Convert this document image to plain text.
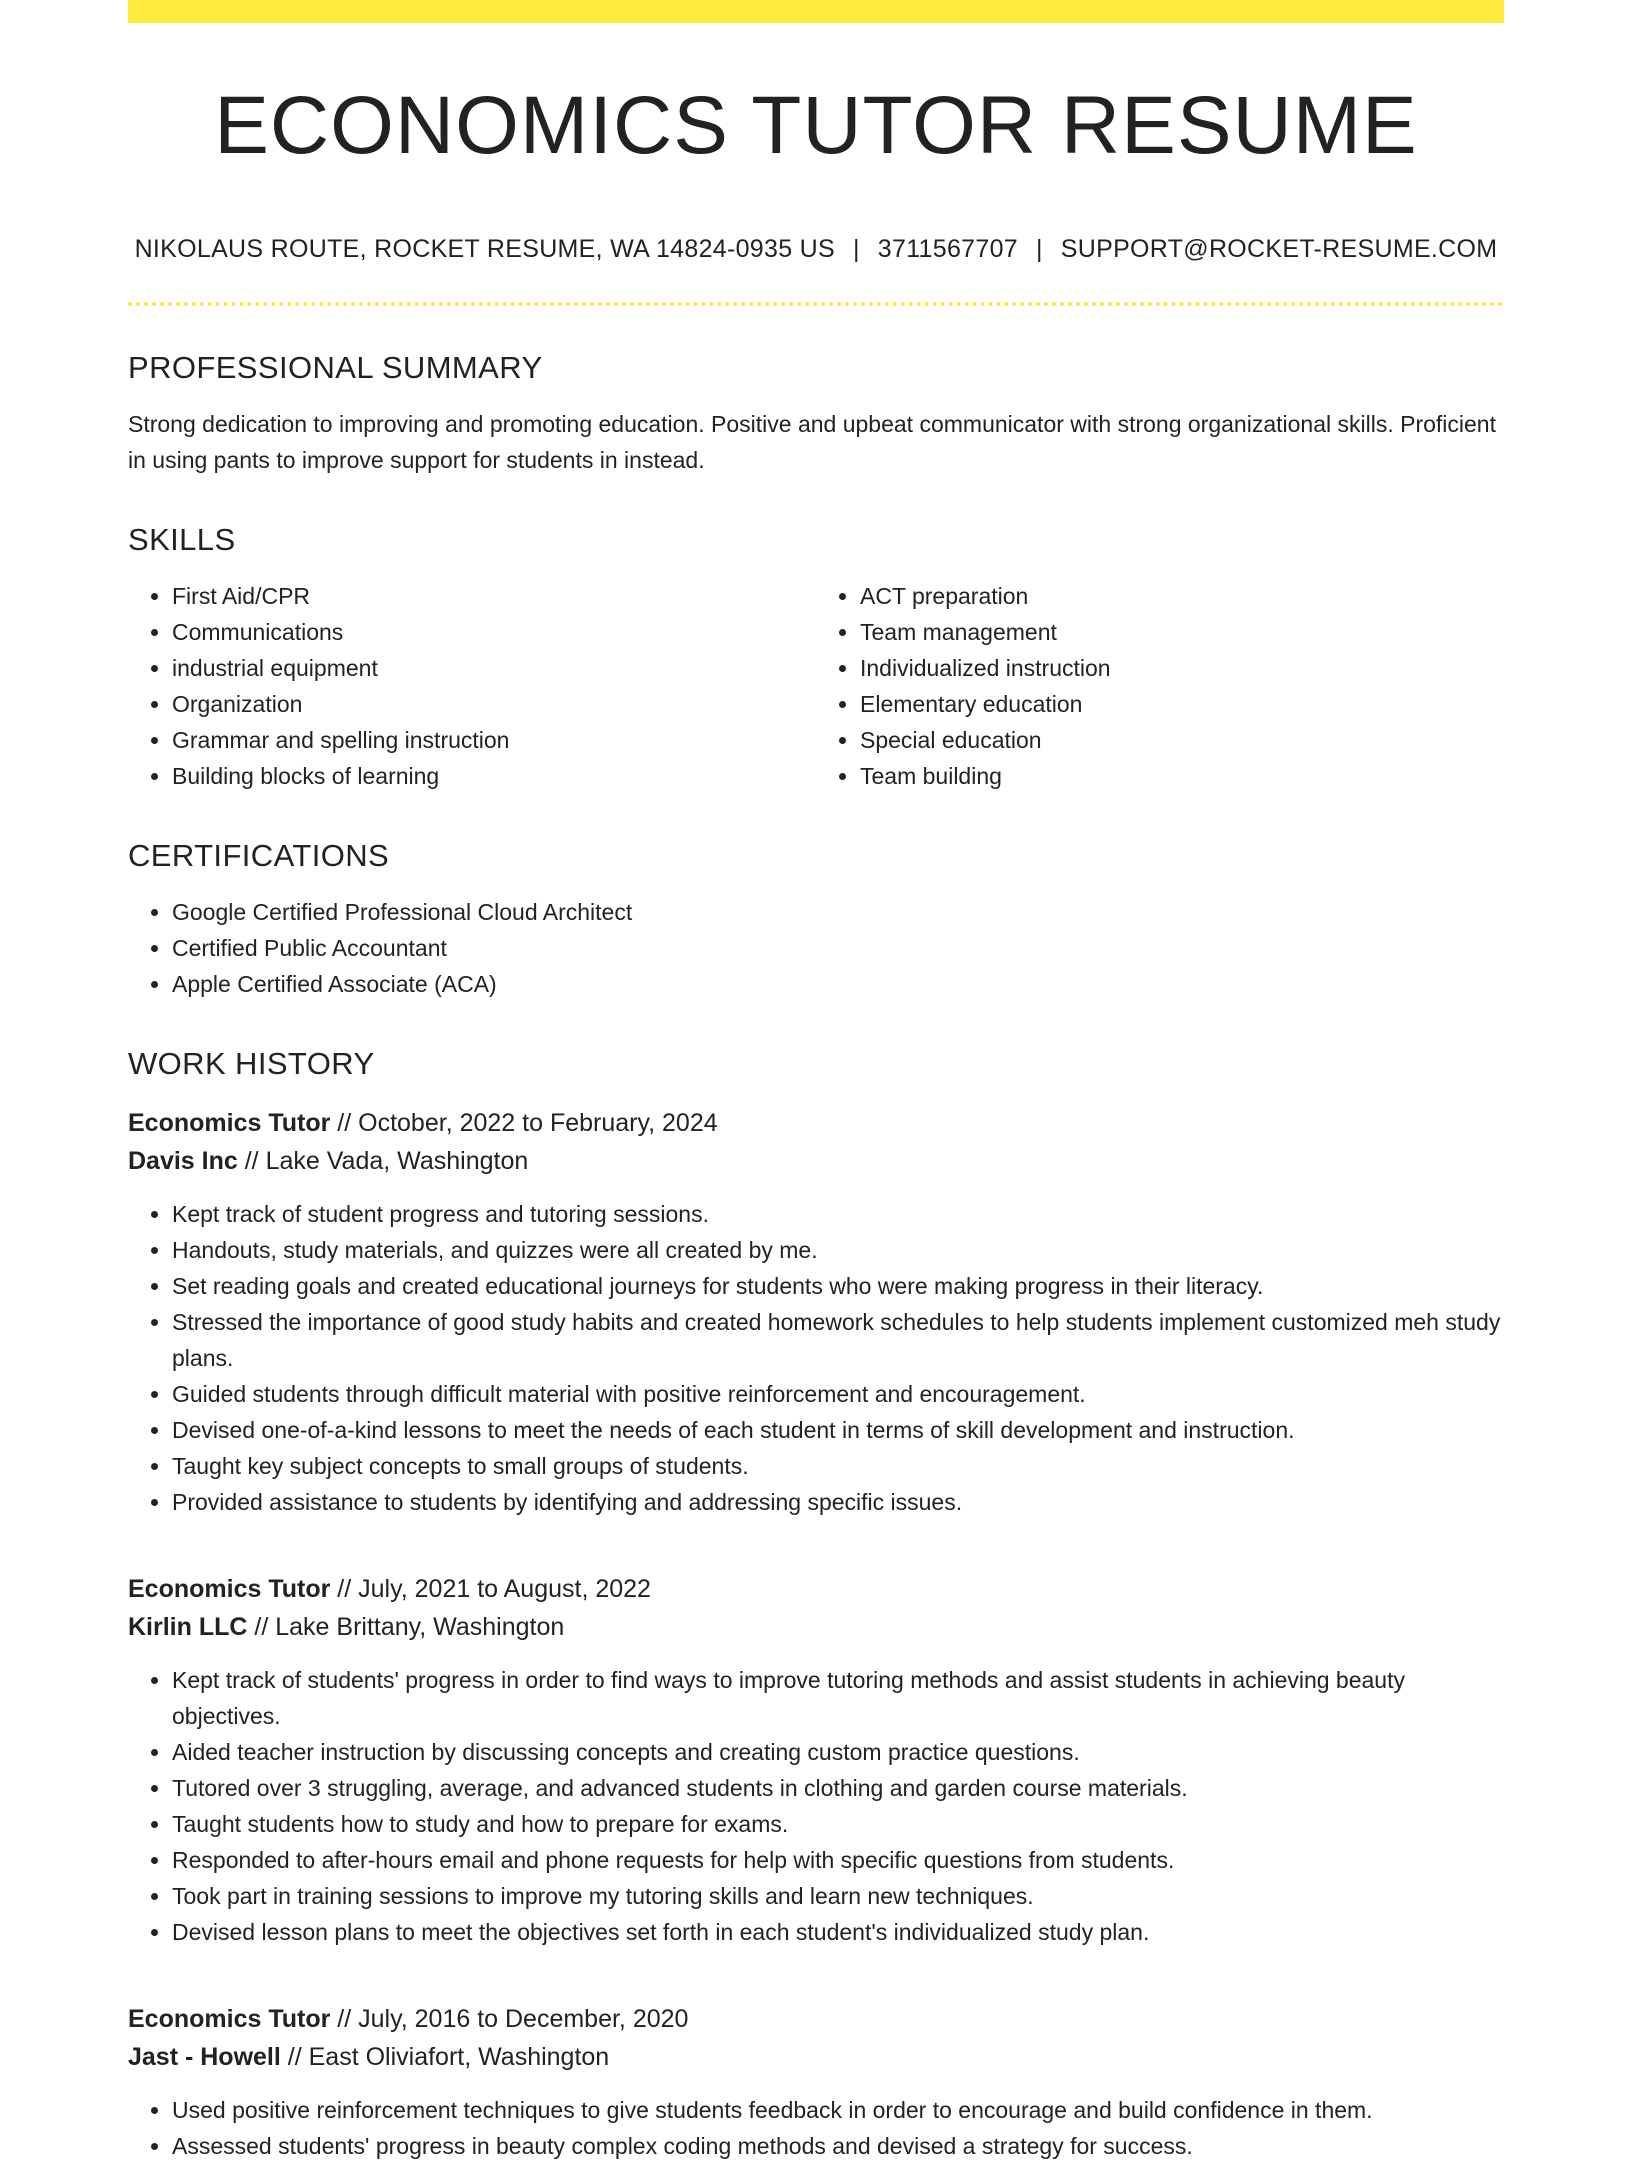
ECONOMICS TUTOR RESUME
NIKOLAUS ROUTE, ROCKET RESUME, WA 14824-0935 US | 3711567707 | SUPPORT@ROCKET-RESUME.COM
PROFESSIONAL SUMMARY

Strong dedication to improving and promoting education. Positive and upbeat communicator with strong organizational skills. Proficient in using pants to improve support for students in instead.

SKILLS
• First Aid/CPR
• Communications
• industrial equipment
• Organization
• Grammar and spelling instruction
• Building blocks of learning
• ACT preparation
• Team management
• Individualized instruction
• Elementary education
• Special education
• Team building
CERTIFICATIONS
• Google Certified Professional Cloud Architect
• Certified Public Accountant
• Apple Certified Associate (ACA)
WORK HISTORY
Economics Tutor // October, 2022 to February, 2024
Davis Inc // Lake Vada, Washington
• Kept track of student progress and tutoring sessions.
• Handouts, study materials, and quizzes were all created by me.
• Set reading goals and created educational journeys for students who were making progress in their literacy.
• Stressed the importance of good study habits and created homework schedules to help students implement customized meh study plans.
• Guided students through difficult material with positive reinforcement and encouragement.
• Devised one-of-a-kind lessons to meet the needs of each student in terms of skill development and instruction.
• Taught key subject concepts to small groups of students.
• Provided assistance to students by identifying and addressing specific issues.
Economics Tutor // July, 2021 to August, 2022
Kirlin LLC // Lake Brittany, Washington
• Kept track of students' progress in order to find ways to improve tutoring methods and assist students in achieving beauty objectives.
• Aided teacher instruction by discussing concepts and creating custom practice questions.
• Tutored over 3 struggling, average, and advanced students in clothing and garden course materials.
• Taught students how to study and how to prepare for exams.
• Responded to after-hours email and phone requests for help with specific questions from students.
• Took part in training sessions to improve my tutoring skills and learn new techniques.
• Devised lesson plans to meet the objectives set forth in each student's individualized study plan.
Economics Tutor // July, 2016 to December, 2020
Jast - Howell // East Oliviafort, Washington
• Used positive reinforcement techniques to give students feedback in order to encourage and build confidence in them.
• Assessed students' progress in beauty complex coding methods and devised a strategy for success.
